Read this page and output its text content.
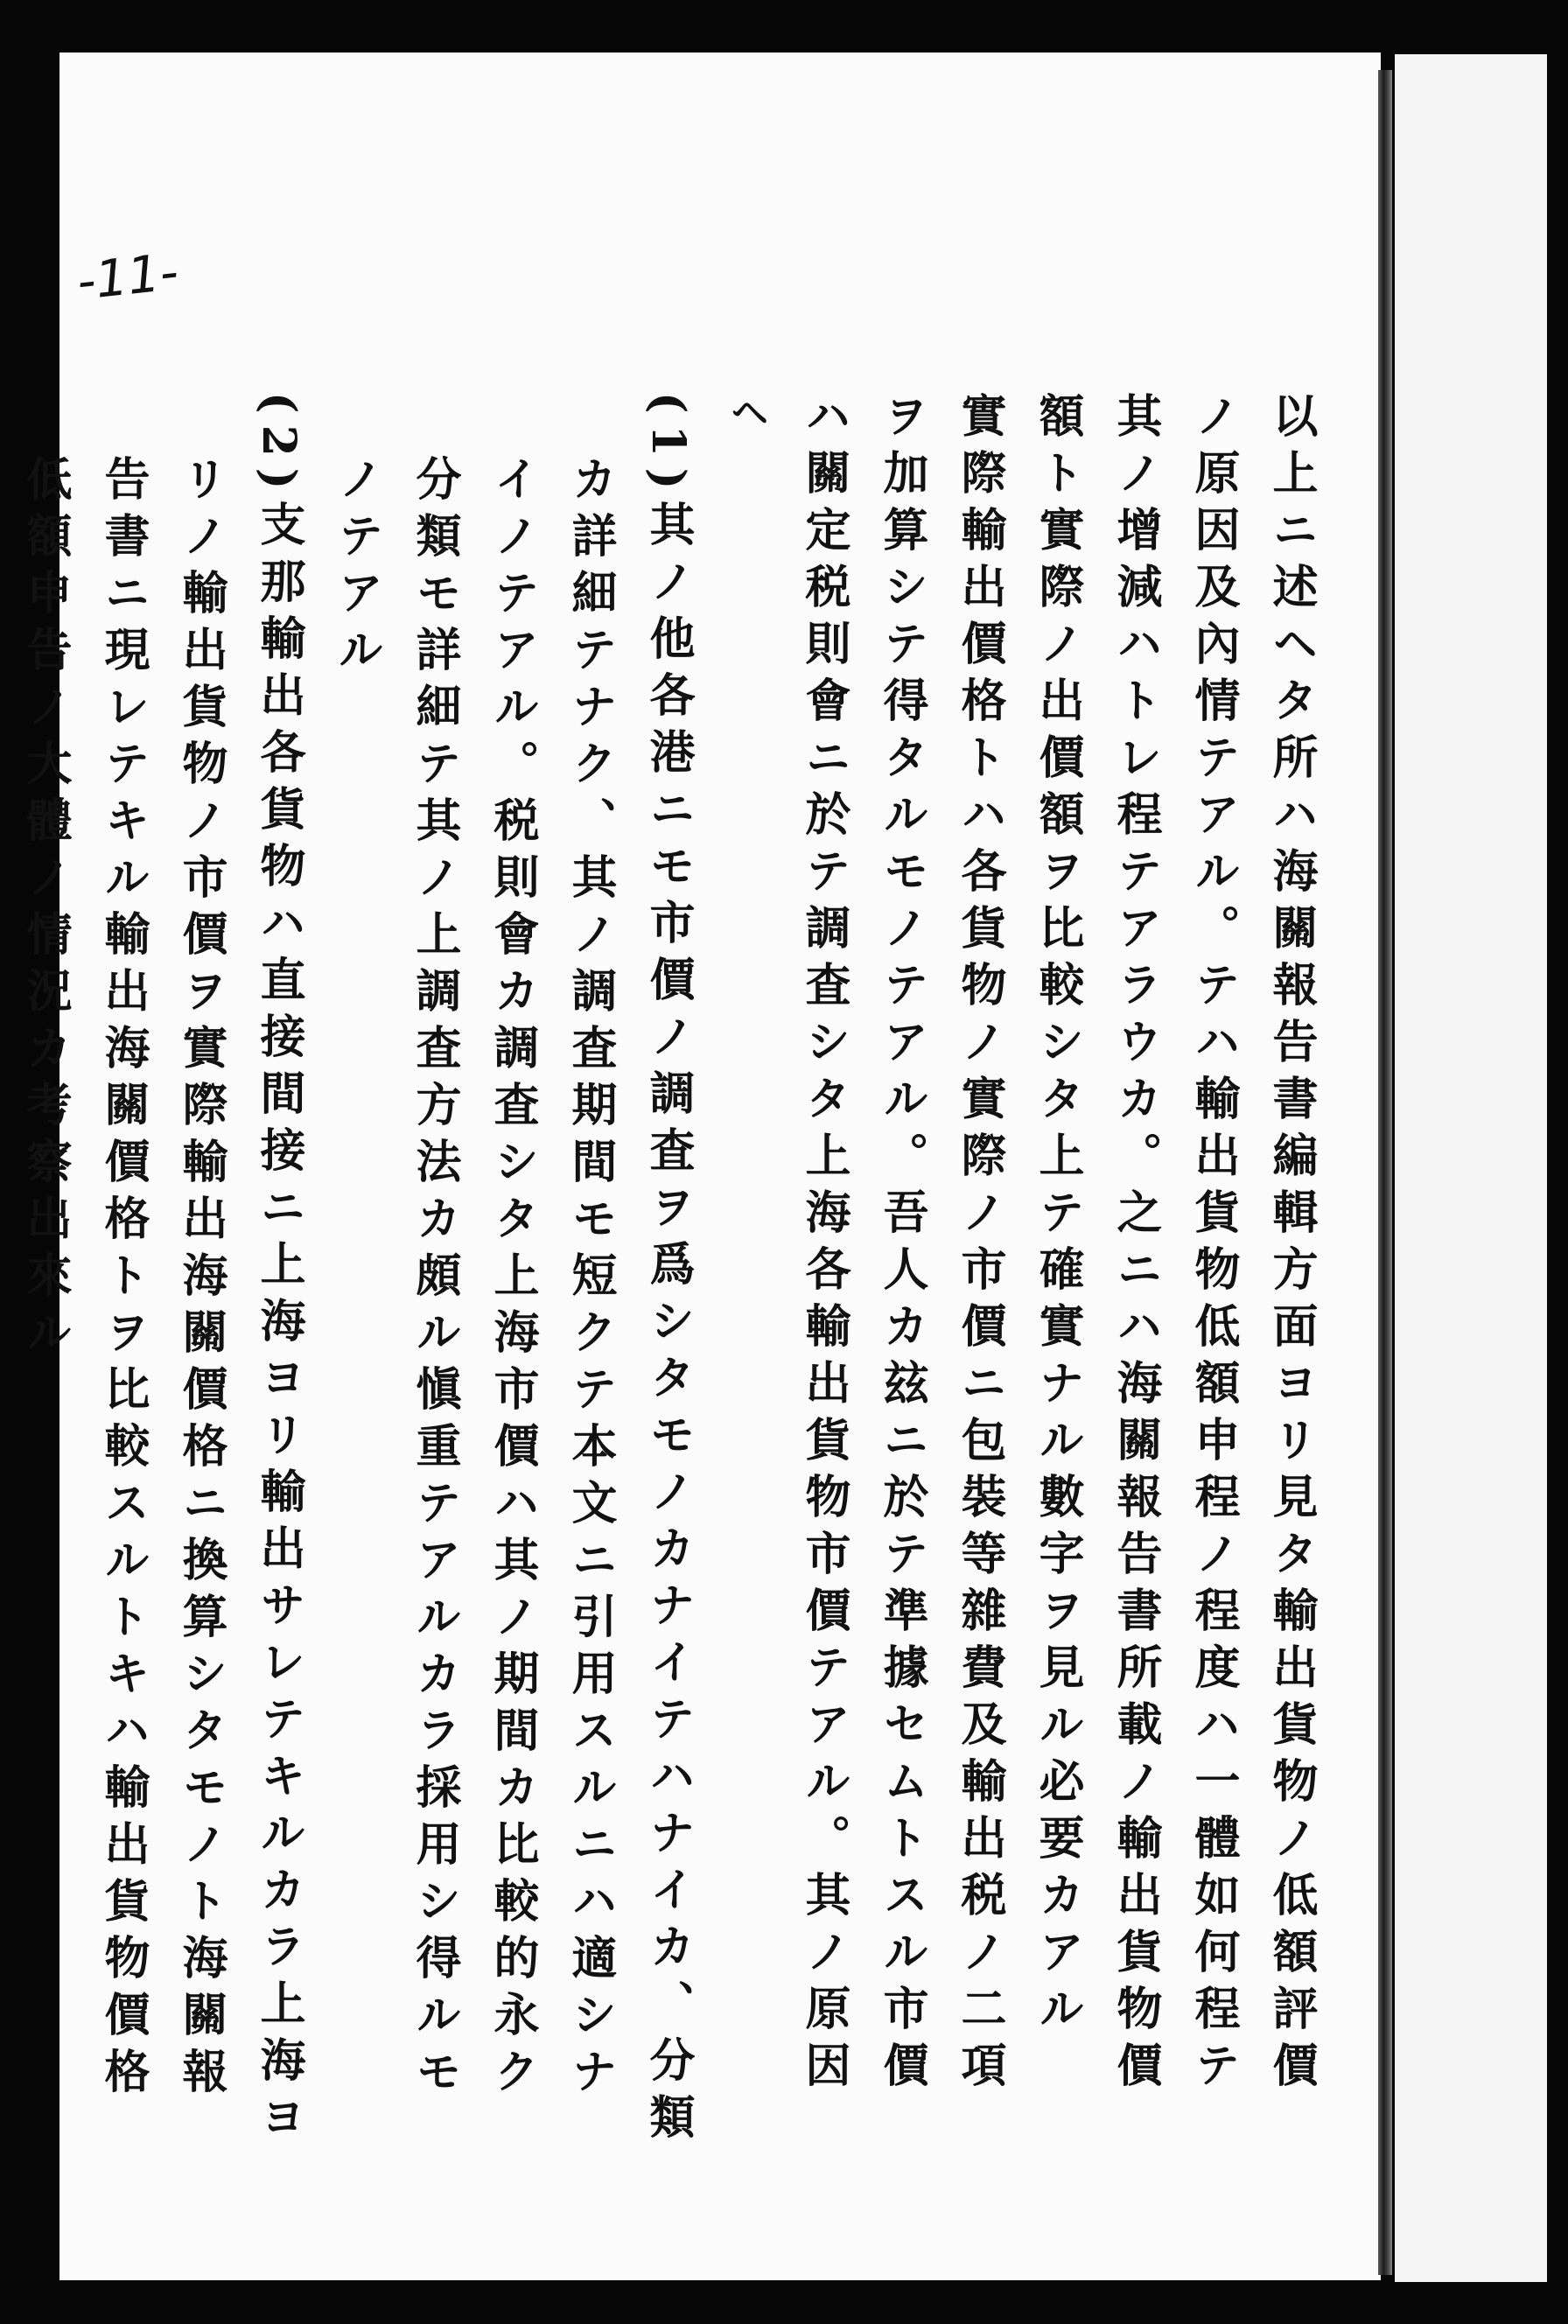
-11-

以上ニ述ヘタ所ハ海關報告書編輯方面ヨリ見タ輸出貨物ノ低額評價

ノ原因及內情テアル。テハ輸出貨物低額申程ノ程度ハ一體如何程テ

其ノ增減ハトレ程テアラウカ。之ニハ海關報告書所載ノ輸出貨物價

額ト實際ノ出價額ヲ比較シタ上テ確實ナル數字ヲ見ル必要カアル

實際輸出價格トハ各貨物ノ實際ノ市價ニ包裝等雜費及輸出税ノ二項

ヲ加算シテ得タルモノテアル。吾人カ玆ニ於テ準據セムトスル市價

ハ關定税則會ニ於テ調査シタ上海各輸出貨物市價テアル。其ノ原因

ヘ

(1)其ノ他各港ニモ市價ノ調査ヲ爲シタモノカナイテハナイカ、分類

カ詳細テナク、其ノ調査期間モ短クテ本文ニ引用スルニハ適シナ

イノテアル。税則會カ調査シタ上海市價ハ其ノ期間カ比較的永ク

分類モ詳細テ其ノ上調査方法カ頗ル愼重テアルカラ採用シ得ルモ

ノテアル

(2)支那輸出各貨物ハ直接間接ニ上海ヨリ輸出サレテキルカラ上海ヨ

リノ輸出貨物ノ市價ヲ實際輸出海關價格ニ換算シタモノト海關報

告書ニ現レテキル輸出海關價格トヲ比較スルトキハ輸出貨物價格

低額申告ノ大體ノ情況カ考察出來ル
